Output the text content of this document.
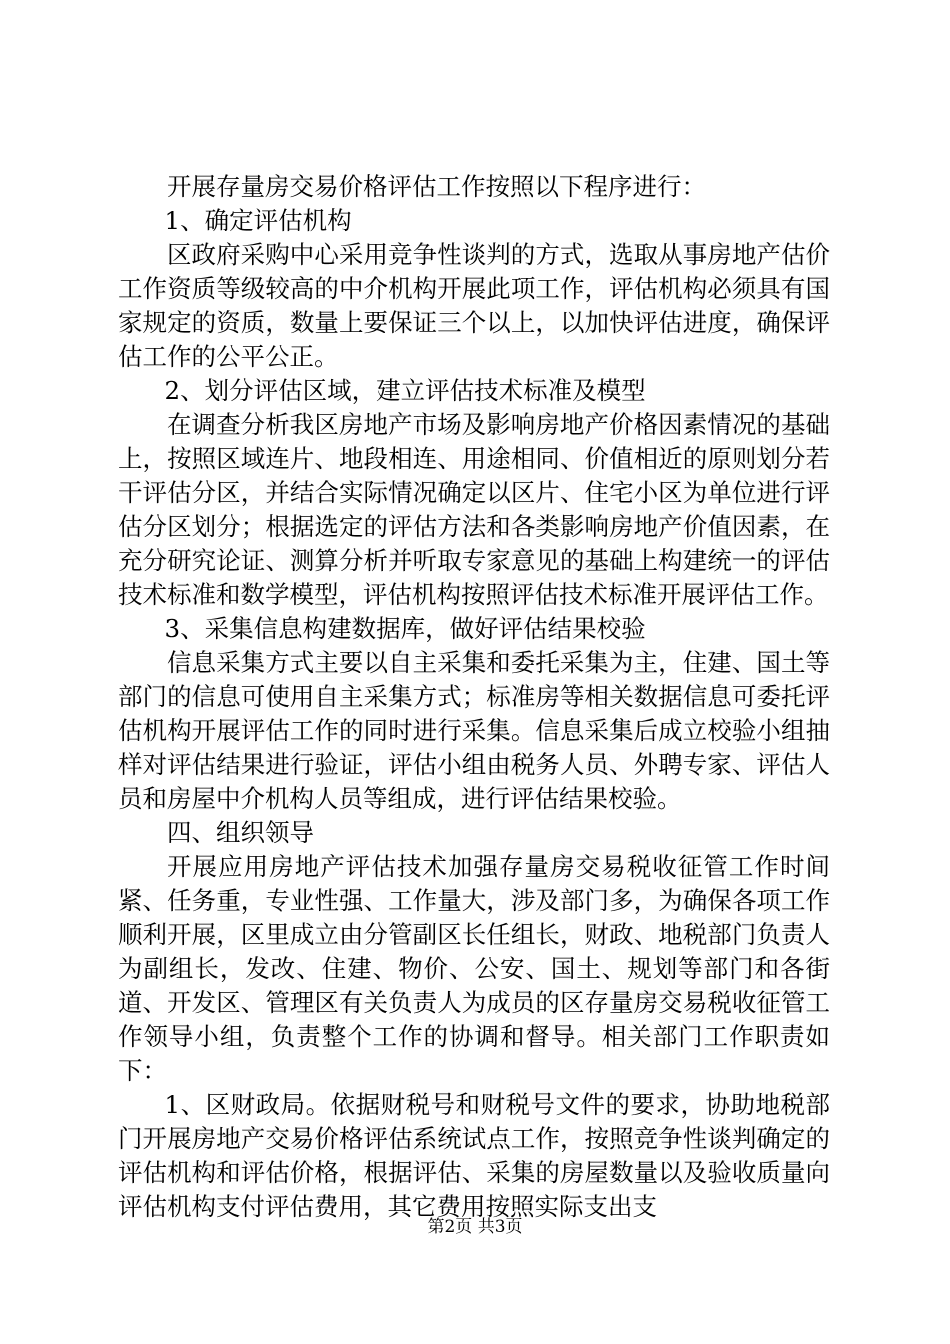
开展存量房交易价格评估工作按照以下程序进行：

1、确定评估机构

区政府采购中心采用竞争性谈判的方式，选取从事房地产估价工作资质等级较高的中介机构开展此项工作，评估机构必须具有国家规定的资质，数量上要保证三个以上，以加快评估进度，确保评估工作的公平公正。

2、划分评估区域，建立评估技术标准及模型

在调查分析我区房地产市场及影响房地产价格因素情况的基础上，按照区域连片、地段相连、用途相同、价值相近的原则划分若干评估分区，并结合实际情况确定以区片、住宅小区为单位进行评估分区划分；根据选定的评估方法和各类影响房地产价值因素，在充分研究论证、测算分析并听取专家意见的基础上构建统一的评估技术标准和数学模型，评估机构按照评估技术标准开展评估工作。

3、采集信息构建数据库，做好评估结果校验

信息采集方式主要以自主采集和委托采集为主，住建、国土等部门的信息可使用自主采集方式；标准房等相关数据信息可委托评估机构开展评估工作的同时进行采集。信息采集后成立校验小组抽样对评估结果进行验证，评估小组由税务人员、外聘专家、评估人员和房屋中介机构人员等组成，进行评估结果校验。

四、组织领导

开展应用房地产评估技术加强存量房交易税收征管工作时间紧、任务重，专业性强、工作量大，涉及部门多，为确保各项工作顺利开展，区里成立由分管副区长任组长，财政、地税部门负责人为副组长，发改、住建、物价、公安、国土、规划等部门和各街道、开发区、管理区有关负责人为成员的区存量房交易税收征管工作领导小组，负责整个工作的协调和督导。相关部门工作职责如下：

1、区财政局。依据财税号和财税号文件的要求，协助地税部门开展房地产交易价格评估系统试点工作，按照竞争性谈判确定的评估机构和评估价格，根据评估、采集的房屋数量以及验收质量向评估机构支付评估费用，其它费用按照实际支出支

第2页 共3页
